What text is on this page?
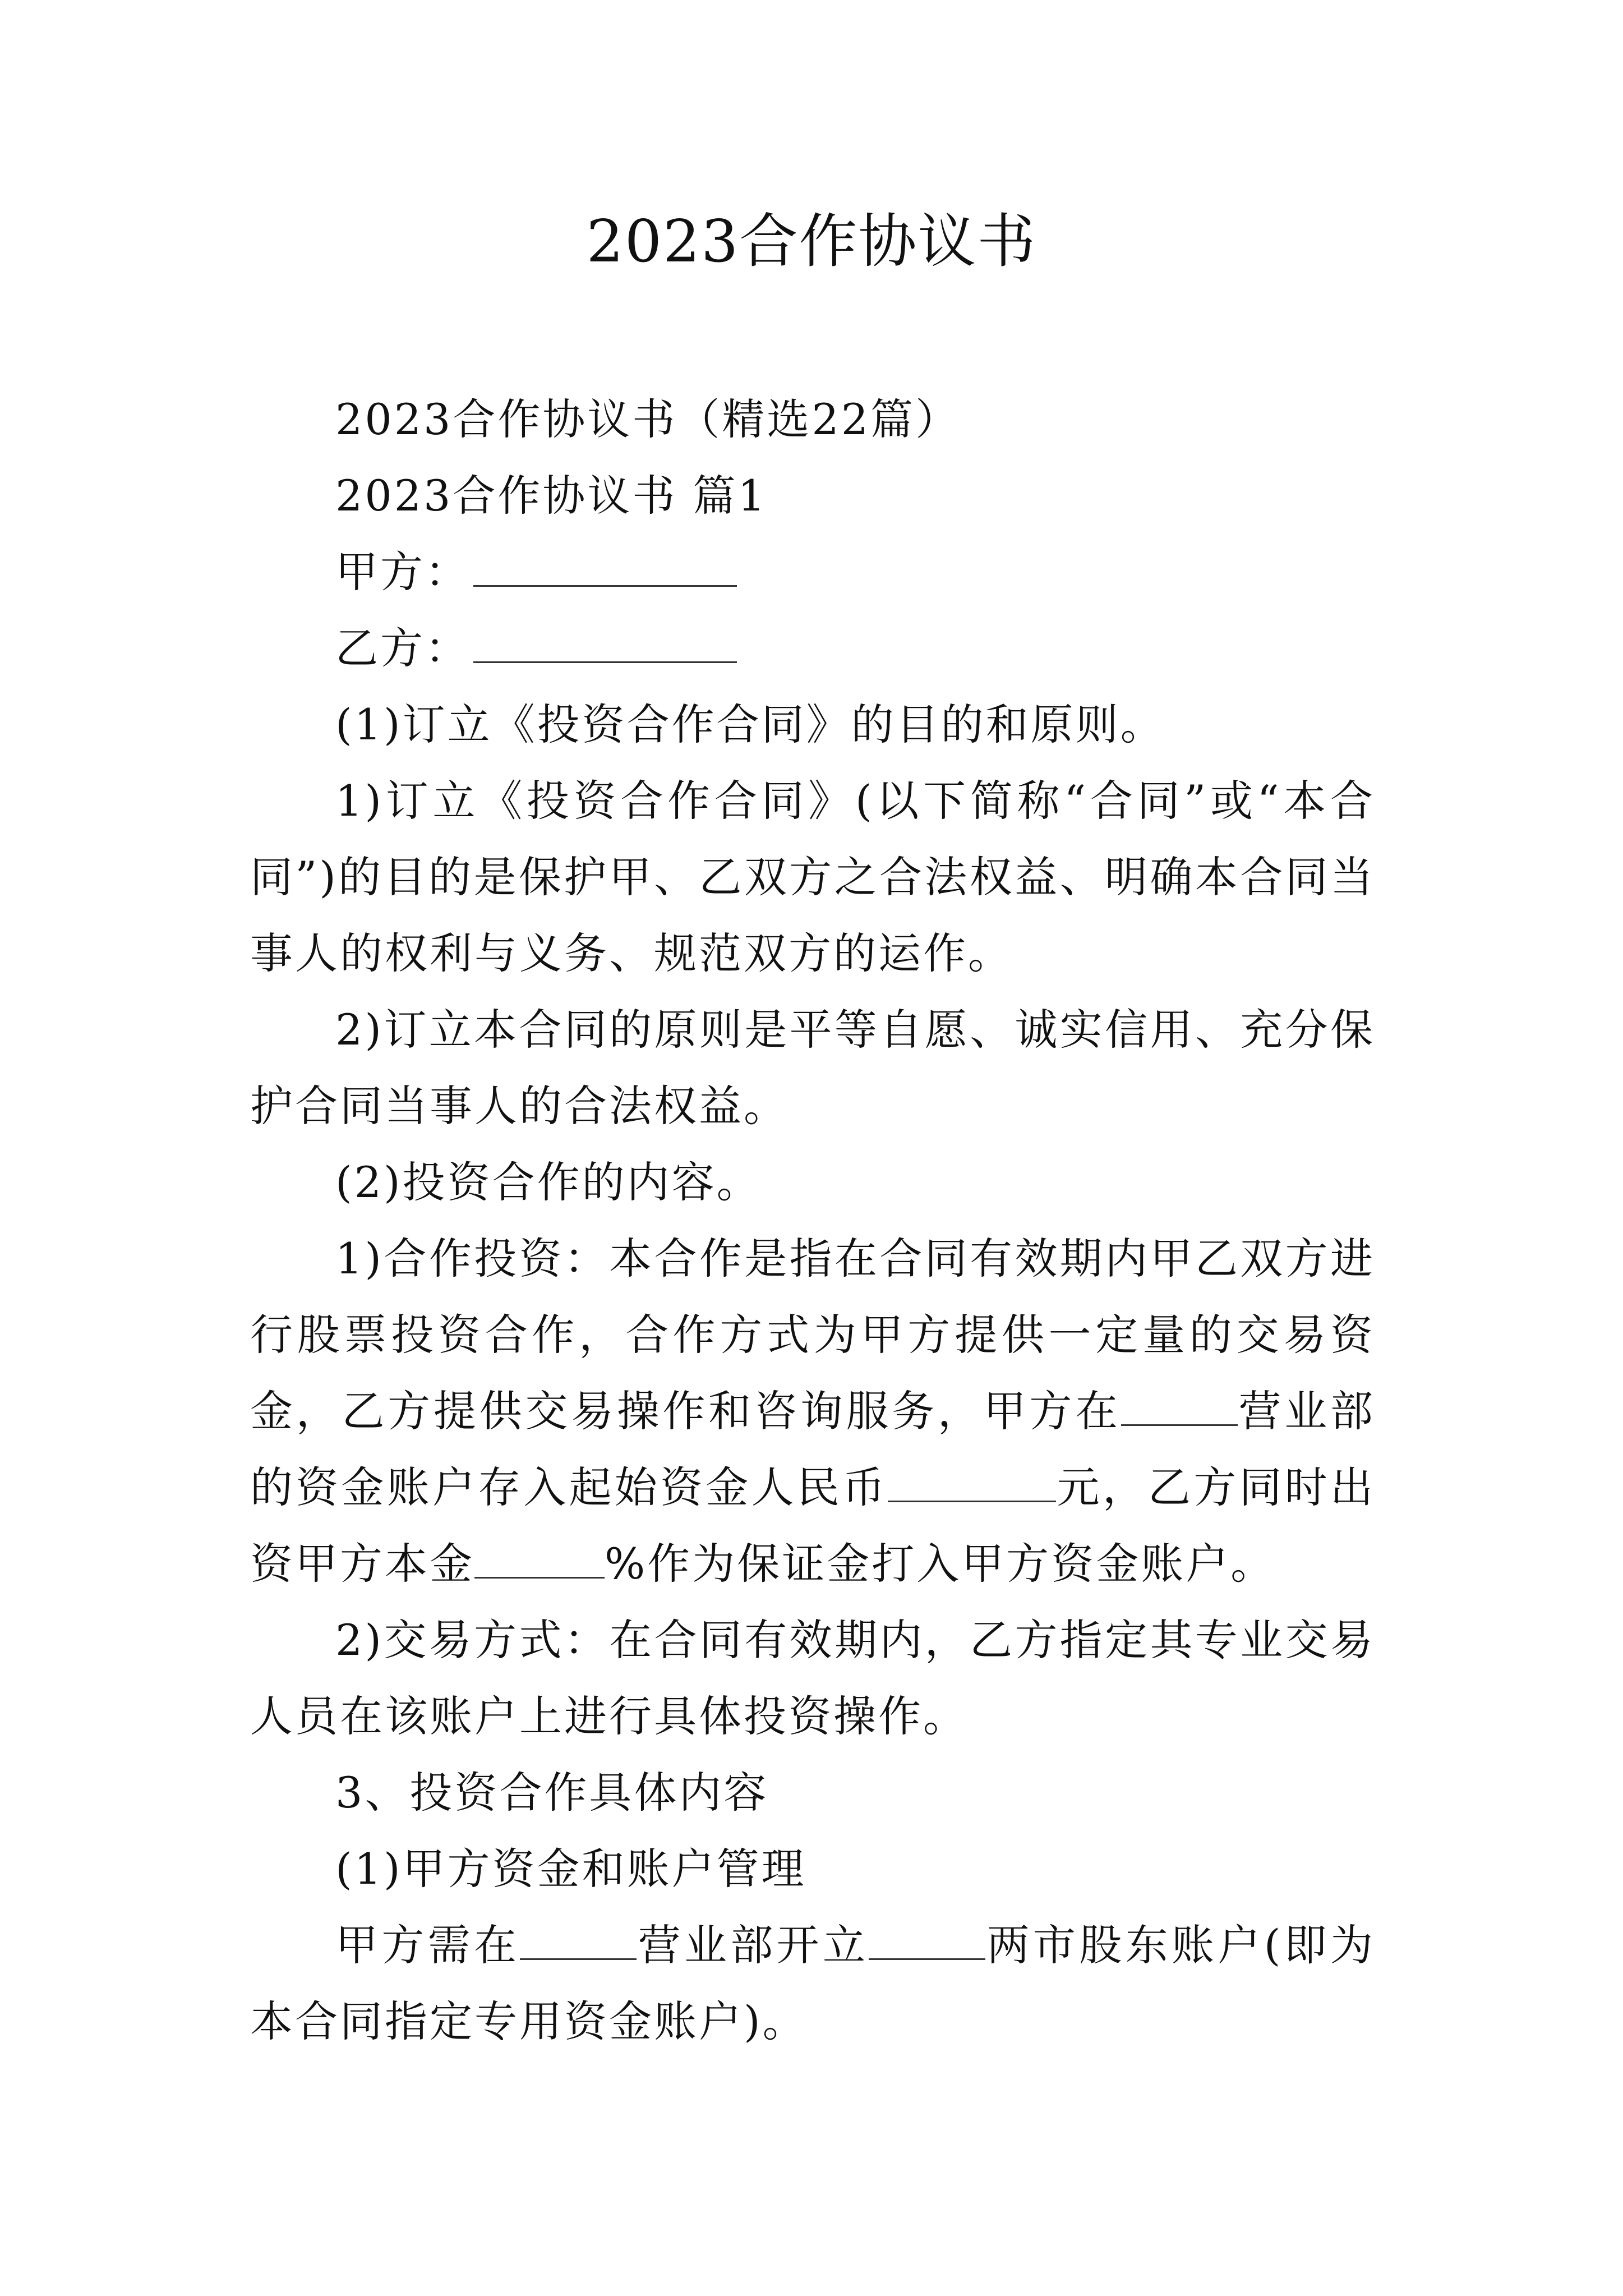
2023合作协议书

2023合作协议书（精选22篇）

2023合作协议书 篇1

甲方：

乙方：

(1)订立《投资合作合同》的目的和原则。

1)订立《投资合作合同》(以下简称“合同”或“本合同”)的目的是保护甲、乙双方之合法权益、明确本合同当事人的权利与义务、规范双方的运作。

2)订立本合同的原则是平等自愿、诚实信用、充分保护合同当事人的合法权益。

(2)投资合作的内容。

1)合作投资：本合作是指在合同有效期内甲乙双方进行股票投资合作，合作方式为甲方提供一定量的交易资金，乙方提供交易操作和咨询服务，甲方在	营业部的资金账户存入起始资金人民币	元，乙方同时出资甲方本金	%作为保证金打入甲方资金账户。

2)交易方式：在合同有效期内，乙方指定其专业交易人员在该账户上进行具体投资操作。

3、投资合作具体内容

(1)甲方资金和账户管理

甲方需在	营业部开立	两市股东账户(即为本合同指定专用资金账户)。
